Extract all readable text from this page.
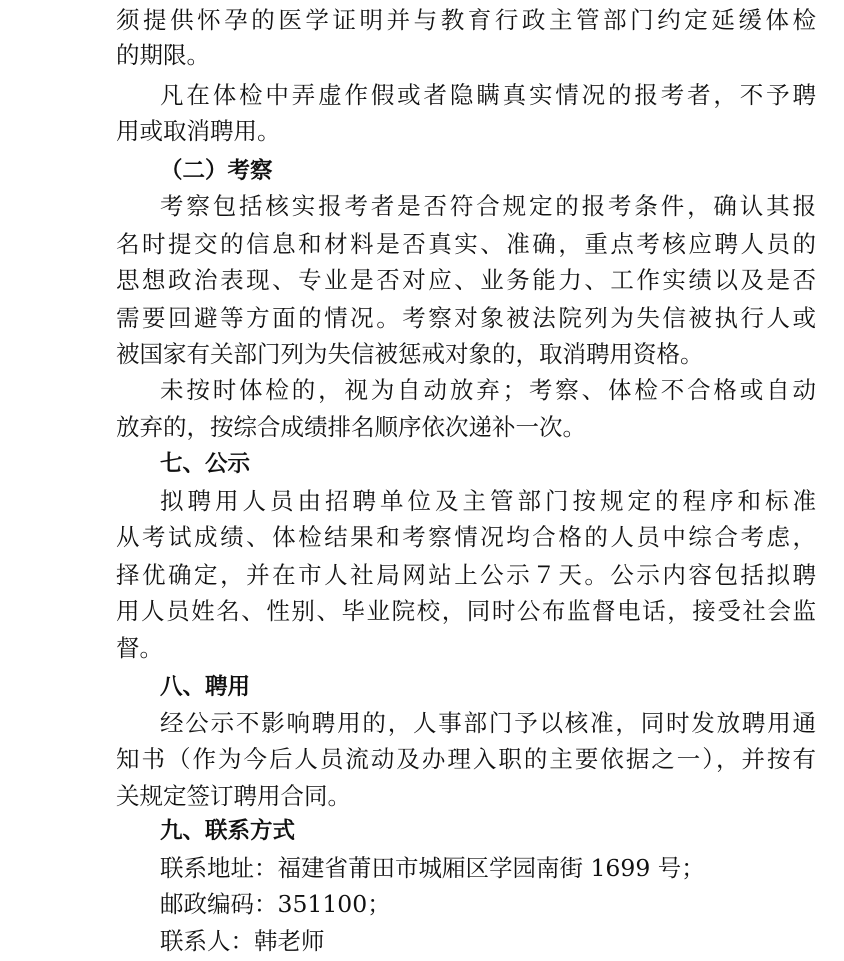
须提供怀孕的医学证明并与教育行政主管部门约定延缓体检
的期限。
凡在体检中弄虚作假或者隐瞒真实情况的报考者，不予聘
用或取消聘用。
（二）考察
考察包括核实报考者是否符合规定的报考条件，确认其报
名时提交的信息和材料是否真实、准确，重点考核应聘人员的
思想政治表现、专业是否对应、业务能力、工作实绩以及是否
需要回避等方面的情况。考察对象被法院列为失信被执行人或
被国家有关部门列为失信被惩戒对象的，取消聘用资格。
未按时体检的，视为自动放弃；考察、体检不合格或自动
放弃的，按综合成绩排名顺序依次递补一次。
七、公示
拟聘用人员由招聘单位及主管部门按规定的程序和标准
从考试成绩、体检结果和考察情况均合格的人员中综合考虑，
择优确定，并在市人社局网站上公示７天。公示内容包括拟聘
用人员姓名、性别、毕业院校，同时公布监督电话，接受社会监
督。
八、聘用
经公示不影响聘用的，人事部门予以核准，同时发放聘用通
知书（作为今后人员流动及办理入职的主要依据之一），并按有
关规定签订聘用合同。
九、联系方式
联系地址：福建省莆田市城厢区学园南街 1699 号；
邮政编码：351100；
联系人：韩老师
